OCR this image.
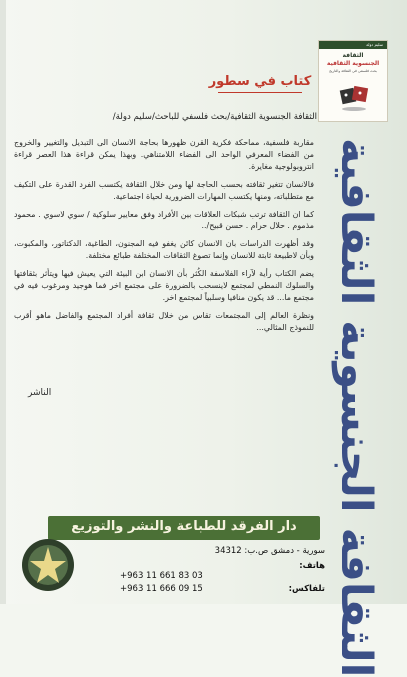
سليم دولة
الثقافة
الجنسوية الثقافية
بحث فلسفي في الثقافة والتاريخ
الثقافة الجنسوية الثقافية
كتاب في سطور
الثقافة الجنسوية الثقافية/بحث فلسفي للباحث/سليم دولة/

مقاربة فلسفية، مماحكة فكرية القرن ظهورها بحاجة الانسان الى التبديل والتغيير والخروج من الفضاء المعرفي الواحد الى الفضاء اللامتناهي. وبهذا يمكن قراءة هذا العصر قراءة انتروبولوجية مغايرة.

فالانسان تتغير ثقافته بحسب الحاجة لها ومن خلال الثقافة يكتسب الفرد القدرة على التكيف مع متطلباته، ومنها يكتسب المهارات الضرورية لحياة اجتماعية.

كما ان الثقافة ترتب شبكات العلاقات بين الأفراد وفق معايير سلوكية / سوي لاسوي . محمود مذموم . حلال حرام . حسن قبيح/..

وقد أظهرت الدراسات بان الانسان كائن يغفو فيه المجنون، الطاغية، الدكتاتور، والمكبوت، وبأن لاطبيعة ثابتة للانسان وإنما تصوغ الثقافات المختلفة طبائع مختلفة.

يضم الكتاب رأية لآراء الفلاسفة الكُثر بأن الانسان ابن البيئة التي يعيش فيها ويتأثر بثقافتها والسلوك النمطي لمجتمع لاينسحب بالضرورة على مجتمع اخر فما هوجيد ومرغوب فيه في مجتمع ما... قد يكون منافيا وسلبياً لمجتمع اخر.

ونظرة العالم إلى المجتمعات تقاس من خلال ثقافة أفراد المجتمع والفاضل ماهو أقرب للنموذج المثالي...

الناشر
دار الفرقد للطباعة والنشر والتوزيع
سورية - دمشق ص.ب: 34312
هاتف:
+963 11 661 83 03
تلفاكس:
+963 11 666 09 15
